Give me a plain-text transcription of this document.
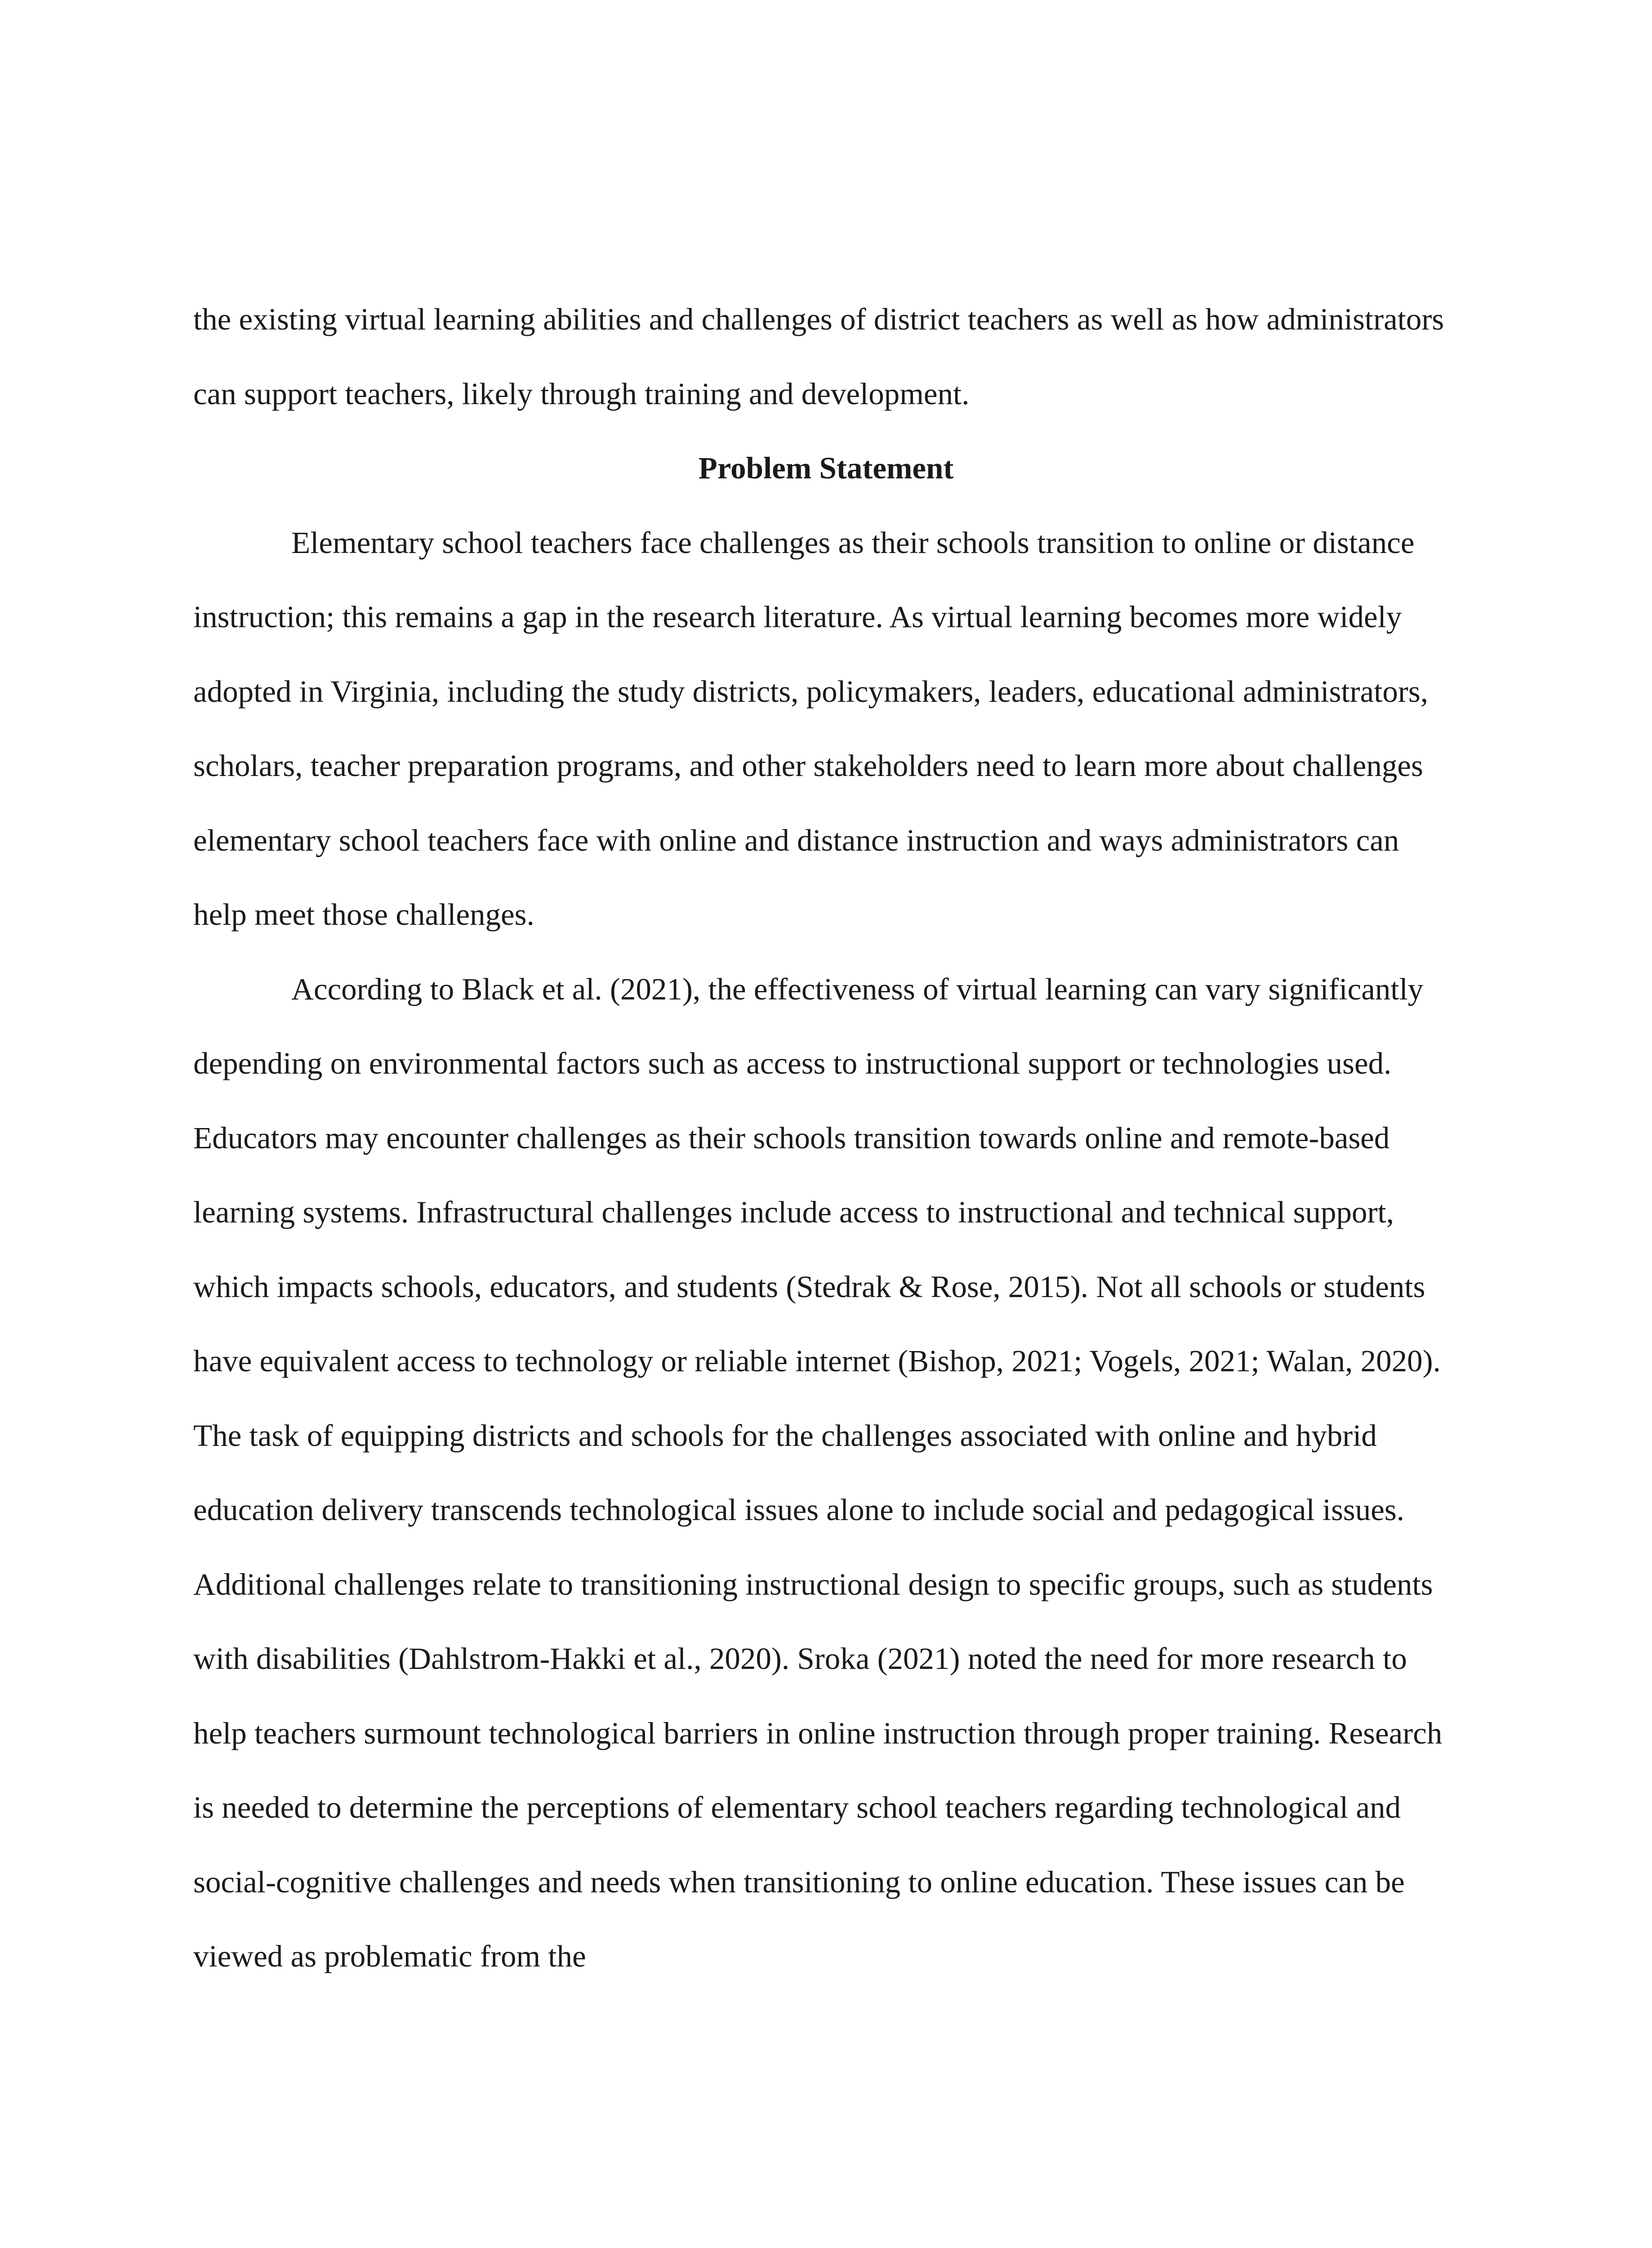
the existing virtual learning abilities and challenges of district teachers as well as how administrators can support teachers, likely through training and development.

Problem Statement

Elementary school teachers face challenges as their schools transition to online or distance instruction; this remains a gap in the research literature. As virtual learning becomes more widely adopted in Virginia, including the study districts, policymakers, leaders, educational administrators, scholars, teacher preparation programs, and other stakeholders need to learn more about challenges elementary school teachers face with online and distance instruction and ways administrators can help meet those challenges.

According to Black et al. (2021), the effectiveness of virtual learning can vary significantly depending on environmental factors such as access to instructional support or technologies used. Educators may encounter challenges as their schools transition towards online and remote-based learning systems. Infrastructural challenges include access to instructional and technical support, which impacts schools, educators, and students (Stedrak & Rose, 2015). Not all schools or students have equivalent access to technology or reliable internet (Bishop, 2021; Vogels, 2021; Walan, 2020). The task of equipping districts and schools for the challenges associated with online and hybrid education delivery transcends technological issues alone to include social and pedagogical issues. Additional challenges relate to transitioning instructional design to specific groups, such as students with disabilities (Dahlstrom-Hakki et al., 2020). Sroka (2021) noted the need for more research to help teachers surmount technological barriers in online instruction through proper training. Research is needed to determine the perceptions of elementary school teachers regarding technological and social-cognitive challenges and needs when transitioning to online education. These issues can be viewed as problematic from the
